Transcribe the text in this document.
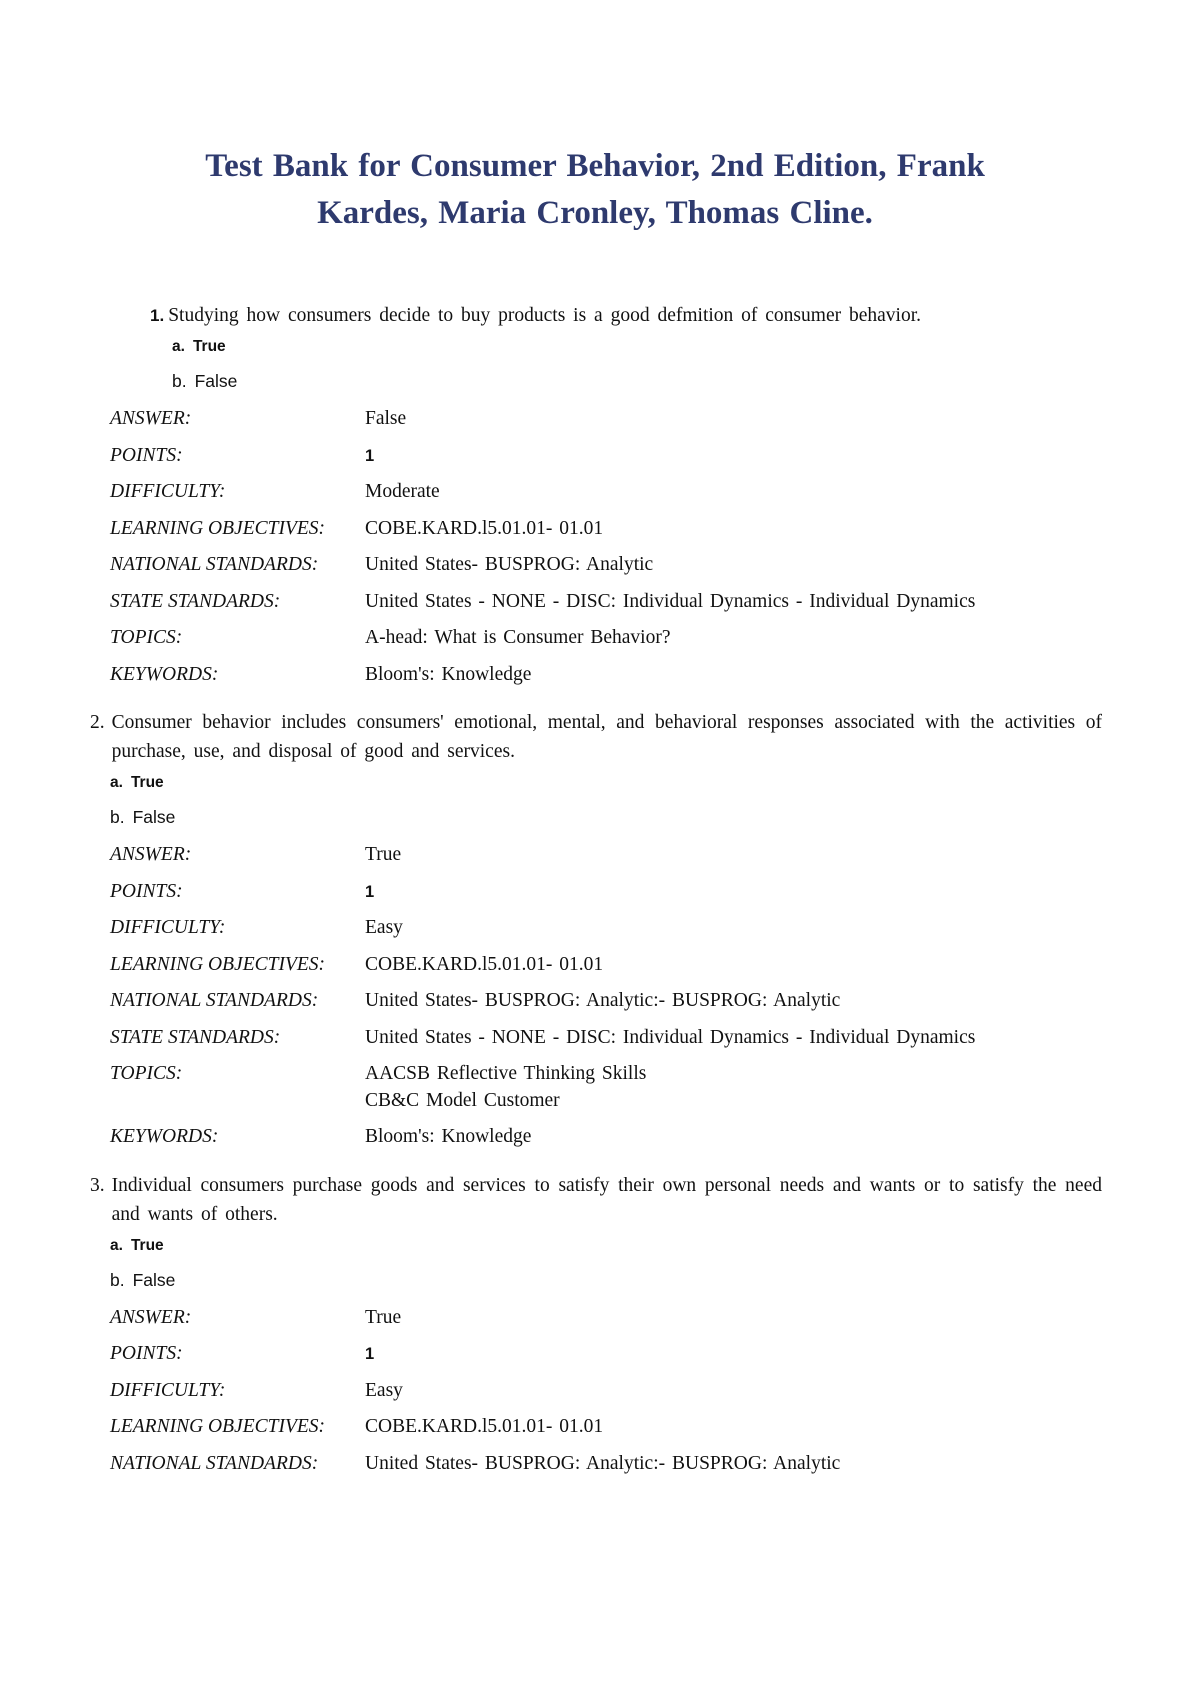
Test Bank for Consumer Behavior, 2nd Edition, Frank Kardes, Maria Cronley, Thomas Cline.
1. Studying how consumers decide to buy products is a good defmition of consumer behavior.
a. True
b. False
ANSWER:	False
POINTS:	1
DIFFICULTY:	Moderate
LEARNING OBJECTIVES:	COBE.KARD.l5.01.01- 01.01
NATIONAL STANDARDS:	United States- BUSPROG: Analytic
STATE STANDARDS:	United States - NONE - DISC: Individual Dynamics - Individual Dynamics
TOPICS:	A-head: What is Consumer Behavior?
KEYWORDS:	Bloom's: Knowledge
2. Consumer behavior includes consumers' emotional, mental, and behavioral responses associated with the activities of purchase, use, and disposal of good and services.
a. True
b. False
ANSWER:	True
POINTS:	1
DIFFICULTY:	Easy
LEARNING OBJECTIVES:	COBE.KARD.l5.01.01- 01.01
NATIONAL STANDARDS:	United States- BUSPROG: Analytic:- BUSPROG: Analytic
STATE STANDARDS:	United States - NONE - DISC: Individual Dynamics - Individual Dynamics
TOPICS:	AACSB Reflective Thinking Skills
CB&C Model Customer
KEYWORDS:	Bloom's: Knowledge
3. Individual consumers purchase goods and services to satisfy their own personal needs and wants or to satisfy the need and wants of others.
a. True
b. False
ANSWER:	True
POINTS:	1
DIFFICULTY:	Easy
LEARNING OBJECTIVES:	COBE.KARD.l5.01.01- 01.01
NATIONAL STANDARDS:	United States- BUSPROG: Analytic:- BUSPROG: Analytic
